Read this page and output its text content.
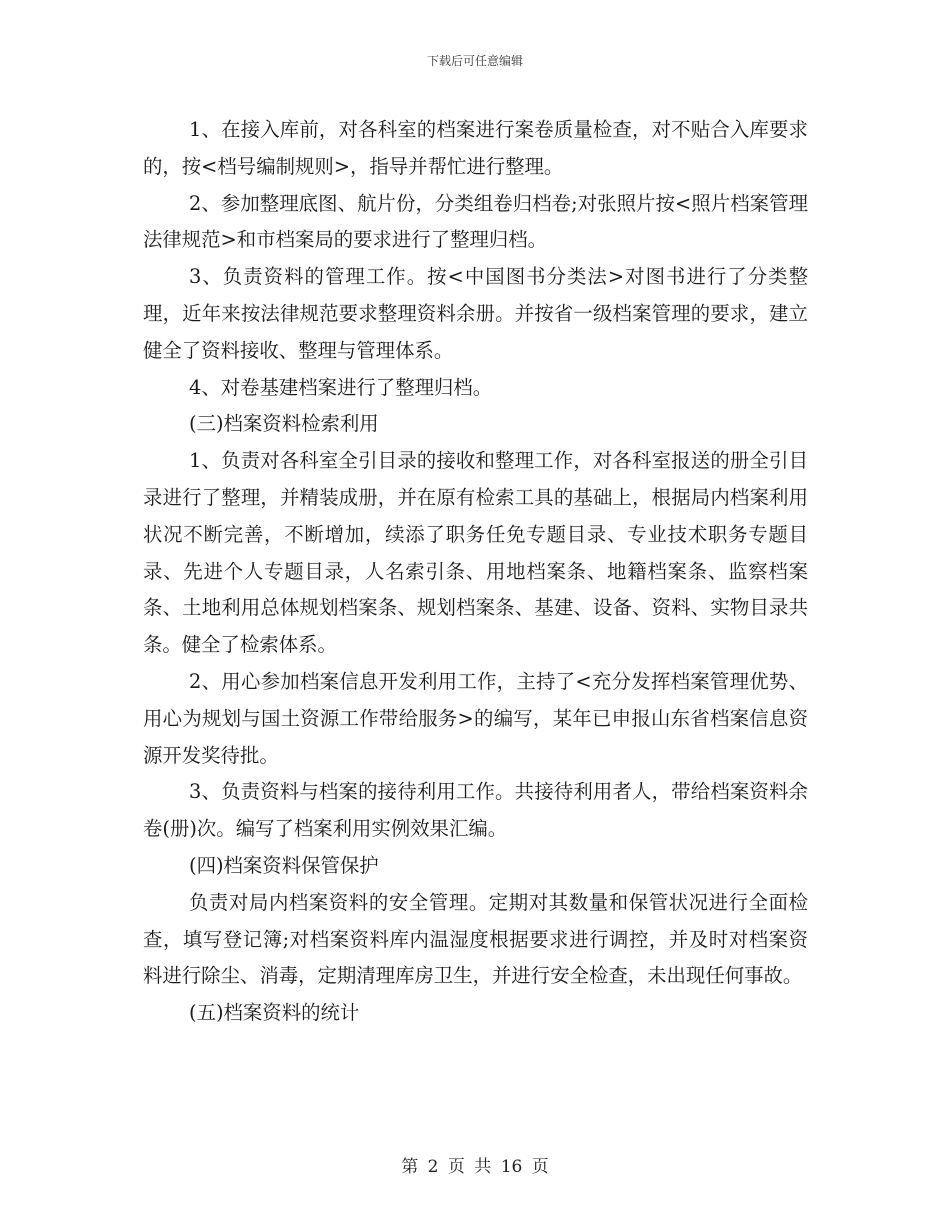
下载后可任意编辑

1、在接入库前，对各科室的档案进行案卷质量检查，对不贴合入库要求的，按<档号编制规则>，指导并帮忙进行整理。

2、参加整理底图、航片份，分类组卷归档卷;对张照片按<照片档案管理法律规范>和市档案局的要求进行了整理归档。

3、负责资料的管理工作。按<中国图书分类法>对图书进行了分类整理，近年来按法律规范要求整理资料余册。并按省一级档案管理的要求，建立健全了资料接收、整理与管理体系。

4、对卷基建档案进行了整理归档。

(三)档案资料检索利用

1、负责对各科室全引目录的接收和整理工作，对各科室报送的册全引目录进行了整理，并精装成册，并在原有检索工具的基础上，根据局内档案利用状况不断完善，不断增加，续添了职务任免专题目录、专业技术职务专题目录、先进个人专题目录，人名索引条、用地档案条、地籍档案条、监察档案条、土地利用总体规划档案条、规划档案条、基建、设备、资料、实物目录共条。健全了检索体系。

2、用心参加档案信息开发利用工作，主持了<充分发挥档案管理优势、用心为规划与国土资源工作带给服务>的编写，某年已申报山东省档案信息资源开发奖待批。

3、负责资料与档案的接待利用工作。共接待利用者人，带给档案资料余卷(册)次。编写了档案利用实例效果汇编。

(四)档案资料保管保护

负责对局内档案资料的安全管理。定期对其数量和保管状况进行全面检查，填写登记簿;对档案资料库内温湿度根据要求进行调控，并及时对档案资料进行除尘、消毒，定期清理库房卫生，并进行安全检查，未出现任何事故。

(五)档案资料的统计

第 2 页 共 16 页
